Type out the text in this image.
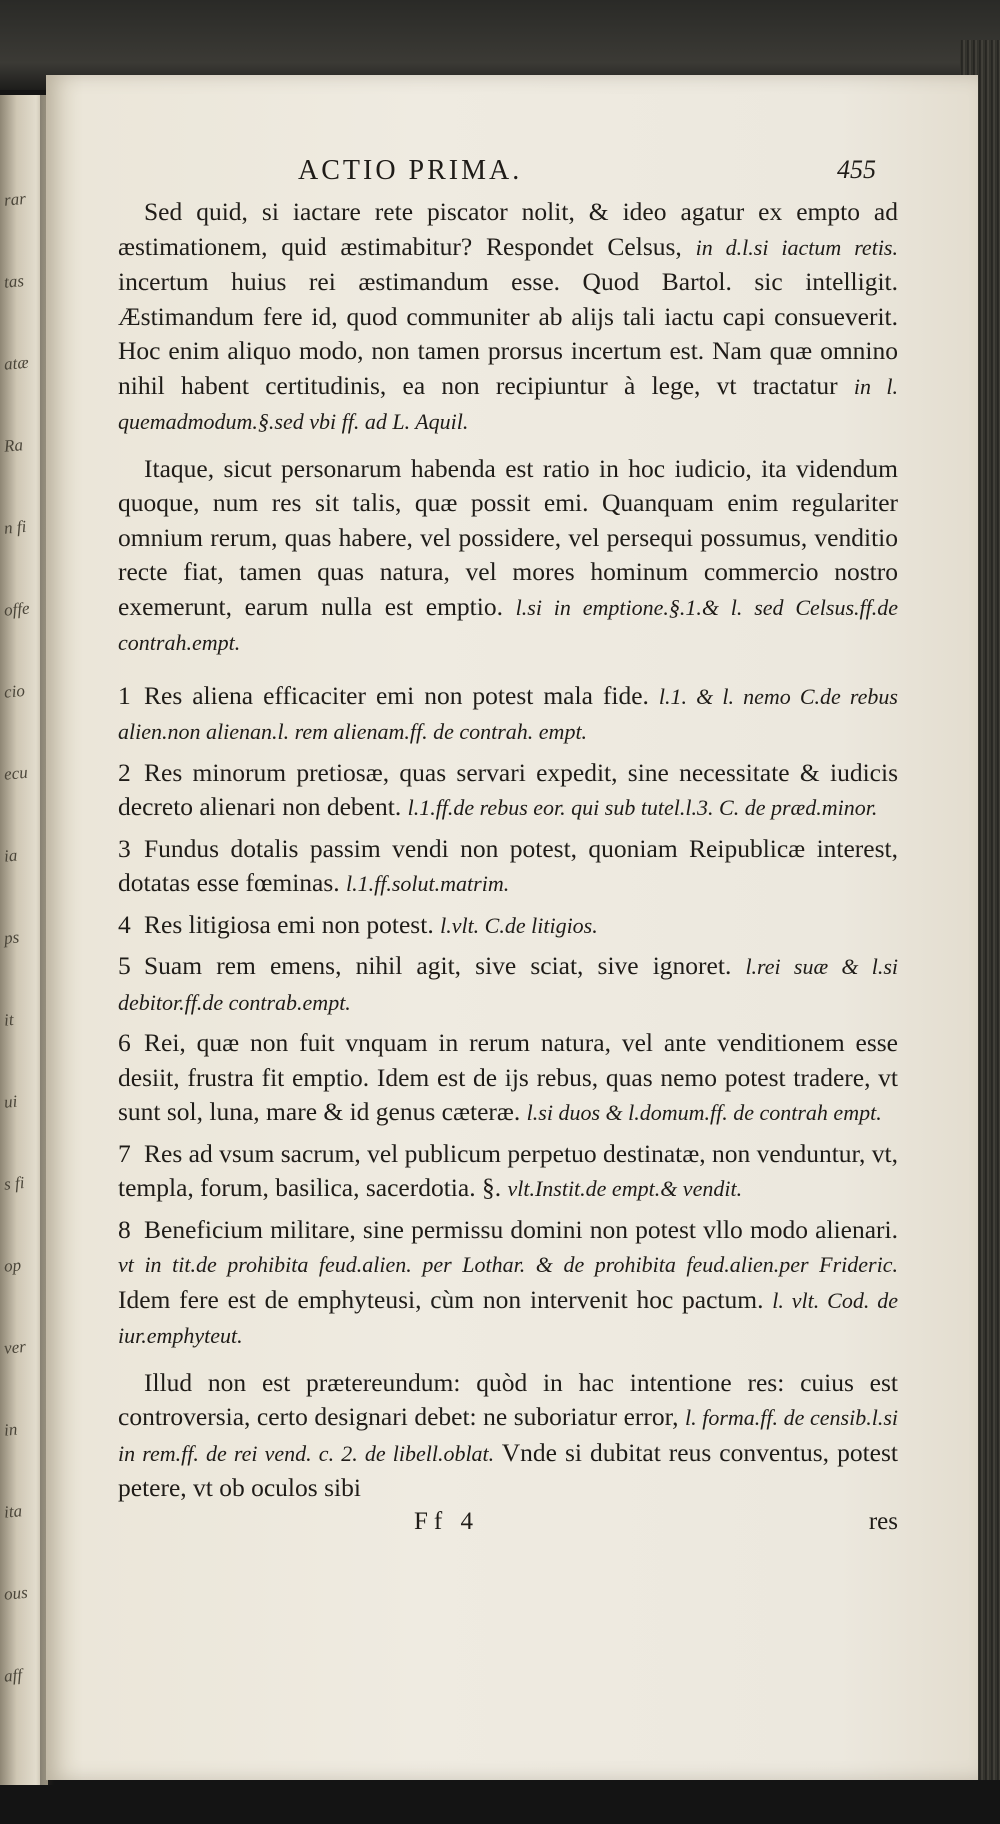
rar
tas
atæ
Ra
n fi
offe
cio
ecu
ia
ps
it
ui
s fi
op
ver
in
ita
ous
aff
ACTIO PRIMA.	455

Sed quid, si iactare rete piscator nolit, & ideo agatur ex empto ad æstimationem, quid æstimabitur? Respondet Celsus, in d.l.si iactum retis. incertum huius rei æstimandum esse. Quod Bartol. sic intelligit. Æstimandum fere id, quod communiter ab alijs tali iactu capi consueverit. Hoc enim aliquo modo, non tamen prorsus incertum est. Nam quæ omnino nihil habent certitudinis, ea non recipiuntur à lege, vt tractatur in l. quemadmodum.§.sed vbi ff. ad L. Aquil.

Itaque, sicut personarum habenda est ratio in hoc iudicio, ita videndum quoque, num res sit talis, quæ possit emi. Quanquam enim regulariter omnium rerum, quas habere, vel possidere, vel persequi possumus, venditio recte fiat, tamen quas natura, vel mores hominum commercio nostro exemerunt, earum nulla est emptio. l.si in emptione.§.1.& l. sed Celsus.ff.de contrah.empt.

1 Res aliena efficaciter emi non potest mala fide. l.1. & l. nemo C.de rebus alien.non alienan.l. rem alienam.ff. de contrah. empt.

2 Res minorum pretiosæ, quas servari expedit, sine necessitate & iudicis decreto alienari non debent. l.1.ff.de rebus eor. qui sub tutel.l.3. C. de præd.minor.

3 Fundus dotalis passim vendi non potest, quoniam Reipublicæ interest, dotatas esse fœminas. l.1.ff.solut.matrim.

4 Res litigiosa emi non potest. l.vlt. C.de litigios.

5 Suam rem emens, nihil agit, sive sciat, sive ignoret. l.rei suæ & l.si debitor.ff.de contrab.empt.

6 Rei, quæ non fuit vnquam in rerum natura, vel ante venditionem esse desiit, frustra fit emptio. Idem est de ijs rebus, quas nemo potest tradere, vt sunt sol, luna, mare & id genus cæteræ. l.si duos & l.domum.ff. de contrah empt.

7 Res ad vsum sacrum, vel publicum perpetuo destinatæ, non venduntur, vt, templa, forum, basilica, sacerdotia. §. vlt.Instit.de empt.& vendit.

8 Beneficium militare, sine permissu domini non potest vllo modo alienari. vt in tit.de prohibita feud.alien. per Lothar. & de prohibita feud.alien.per Frideric. Idem fere est de emphyteusi, cùm non intervenit hoc pactum. l. vlt. Cod. de iur.emphyteut.

Illud non est prætereundum: quòd in hac intentione res: cuius est controversia, certo designari debet: ne suboriatur error, l. forma.ff. de censib.l.si in rem.ff. de rei vend. c. 2. de libell.oblat. Vnde si dubitat reus conventus, potest petere, vt ob oculos sibi

Ff 4	res
